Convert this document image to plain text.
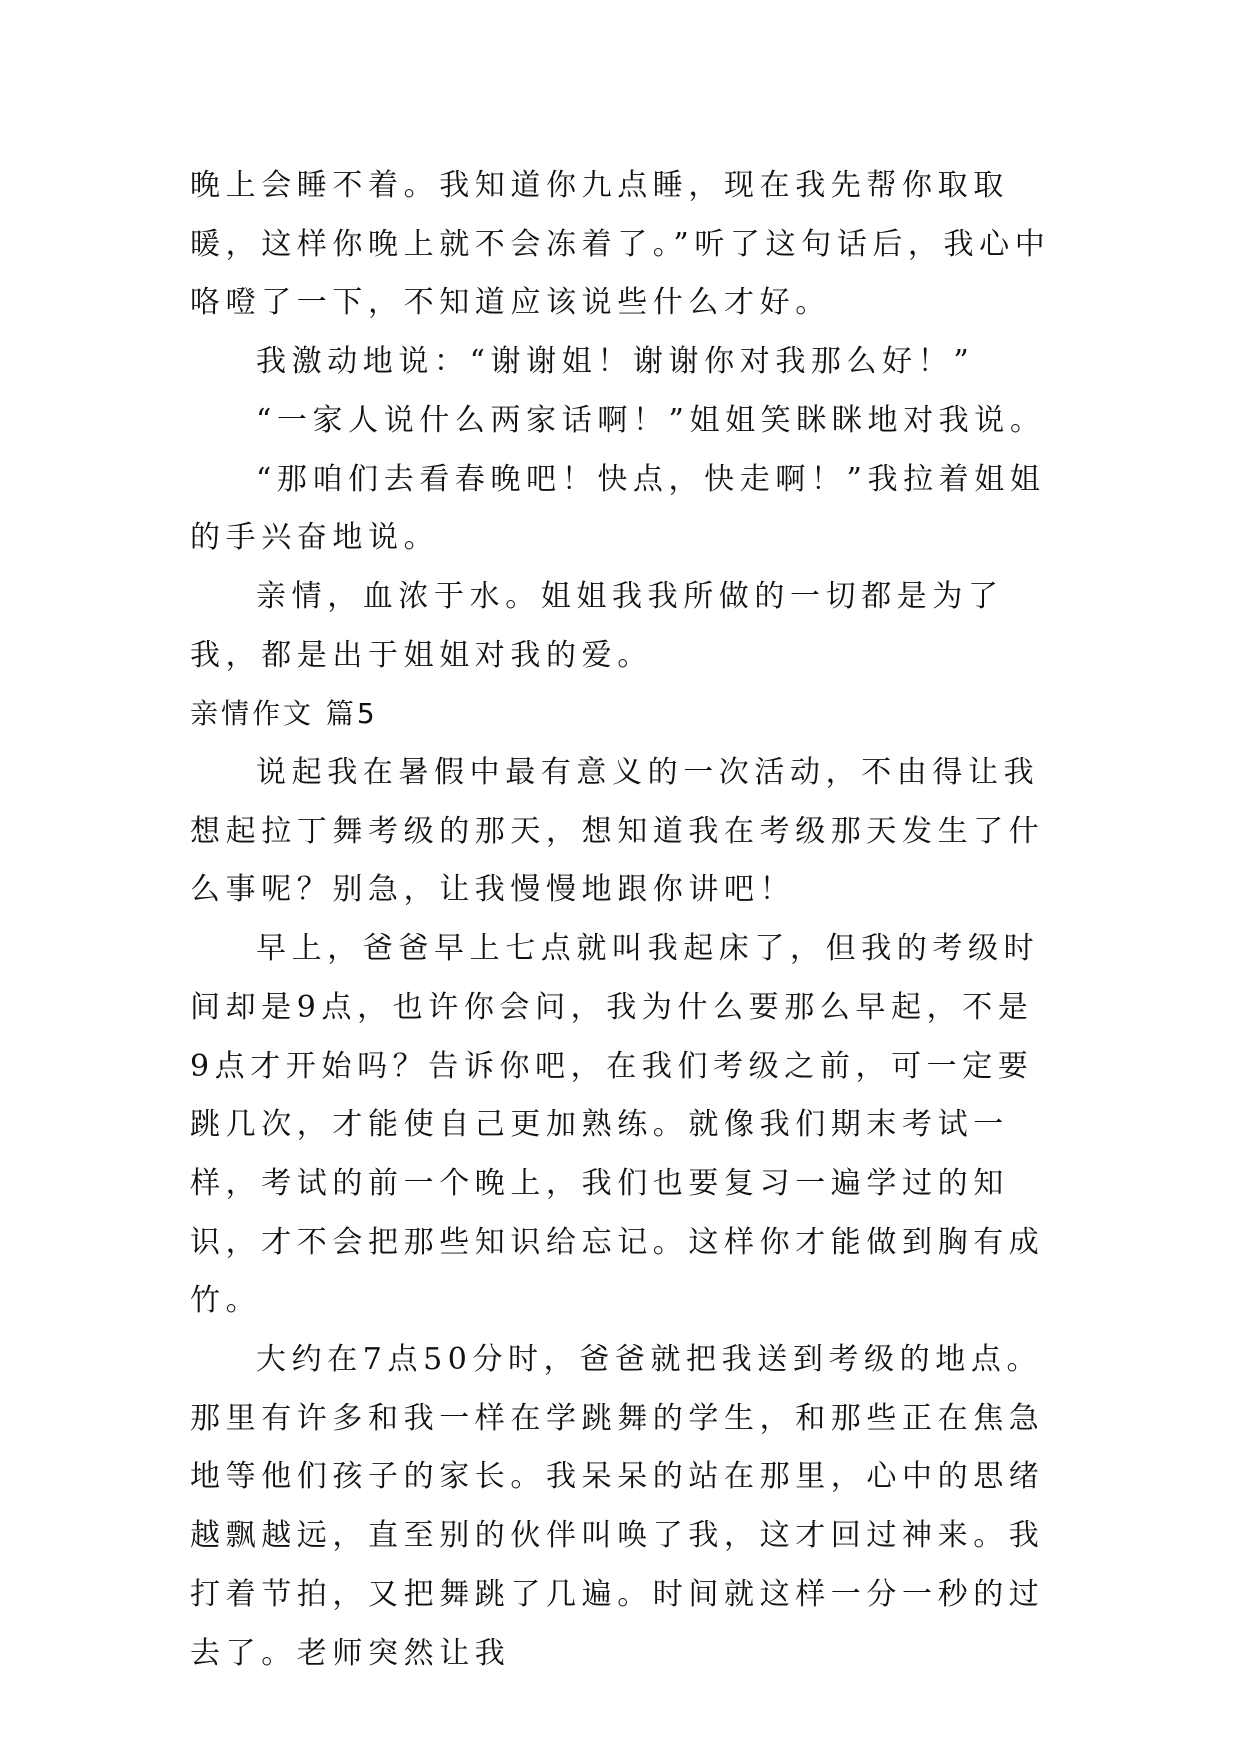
晚上会睡不着。我知道你九点睡，现在我先帮你取取暖，这样你晚上就不会冻着了。”听了这句话后，我心中咯噔了一下，不知道应该说些什么才好。

我激动地说：“谢谢姐！谢谢你对我那么好！”

“一家人说什么两家话啊！”姐姐笑眯眯地对我说。

“那咱们去看春晚吧！快点，快走啊！”我拉着姐姐的手兴奋地说。

亲情，血浓于水。姐姐我我所做的一切都是为了我，都是出于姐姐对我的爱。

亲情作文 篇5

说起我在暑假中最有意义的一次活动，不由得让我想起拉丁舞考级的那天，想知道我在考级那天发生了什么事呢？别急，让我慢慢地跟你讲吧！

早上，爸爸早上七点就叫我起床了，但我的考级时间却是9点，也许你会问，我为什么要那么早起，不是9点才开始吗？告诉你吧，在我们考级之前，可一定要跳几次，才能使自己更加熟练。就像我们期末考试一样，考试的前一个晚上，我们也要复习一遍学过的知识，才不会把那些知识给忘记。这样你才能做到胸有成竹。

大约在7点50分时，爸爸就把我送到考级的地点。那里有许多和我一样在学跳舞的学生，和那些正在焦急地等他们孩子的家长。我呆呆的站在那里，心中的思绪越飘越远，直至别的伙伴叫唤了我，这才回过神来。我打着节拍，又把舞跳了几遍。时间就这样一分一秒的过去了。老师突然让我
